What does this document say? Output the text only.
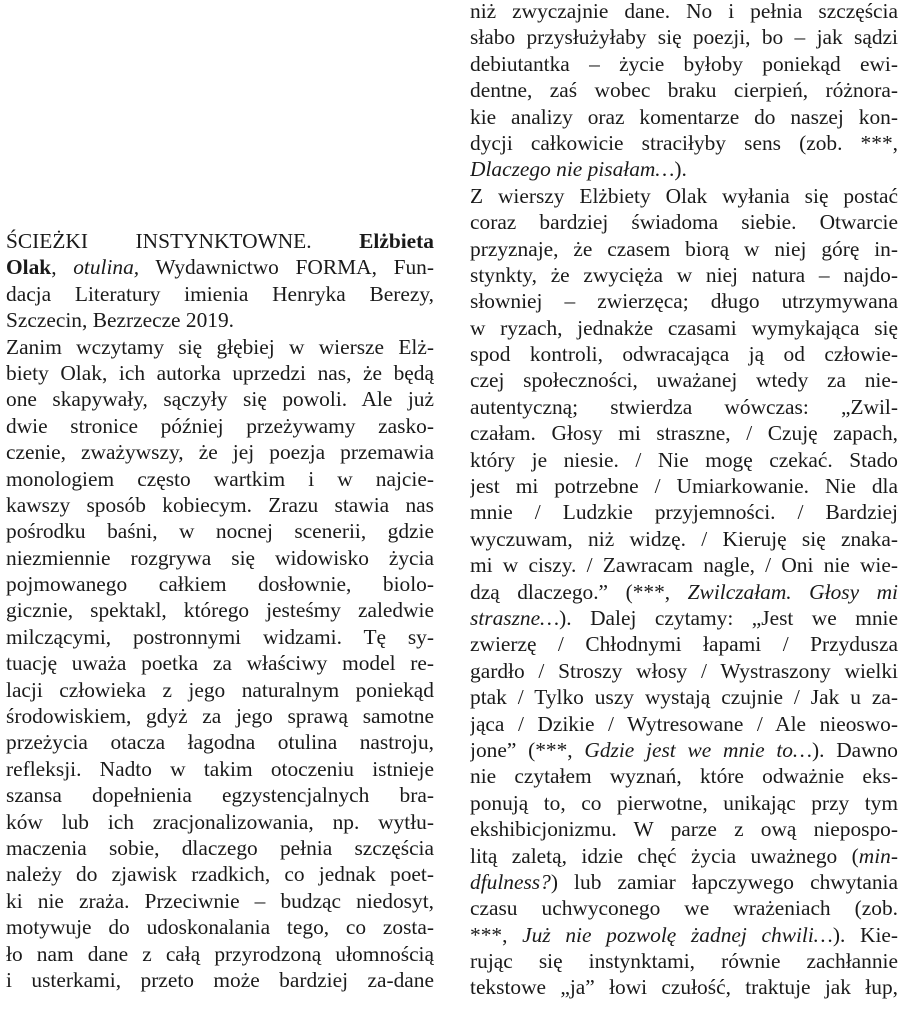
ŚCIEŻKI INSTYNKTOWNE. Elżbieta
Olak, otulina, Wydawnictwo FORMA, Fun-
dacja Literatury imienia Henryka Berezy,
Szczecin, Bezrzecze 2019.
Zanim wczytamy się głębiej w wiersze Elż-
biety Olak, ich autorka uprzedzi nas, że będą
one skapywały, sączyły się powoli. Ale już
dwie stronice później przeżywamy zasko-
czenie, zważywszy, że jej poezja przemawia
monologiem często wartkim i w najcie-
kawszy sposób kobiecym. Zrazu stawia nas
pośrodku baśni, w nocnej scenerii, gdzie
niezmiennie rozgrywa się widowisko życia
pojmowanego całkiem dosłownie, biolo-
gicznie, spektakl, którego jesteśmy zaledwie
milczącymi, postronnymi widzami. Tę sy-
tuację uważa poetka za właściwy model re-
lacji człowieka z jego naturalnym poniekąd
środowiskiem, gdyż za jego sprawą samotne
przeżycia otacza łagodna otulina nastroju,
refleksji. Nadto w takim otoczeniu istnieje
szansa dopełnienia egzystencjalnych bra-
ków lub ich zracjonalizowania, np. wytłu-
maczenia sobie, dlaczego pełnia szczęścia
należy do zjawisk rzadkich, co jednak poet-
ki nie zraża. Przeciwnie – budząc niedosyt,
motywuje do udoskonalania tego, co zosta-
ło nam dane z całą przyrodzoną ułomnością
i usterkami, przeto może bardziej za-dane
niż zwyczajnie dane. No i pełnia szczęścia
słabo przysłużyłaby się poezji, bo – jak sądzi
debiutantka – życie byłoby poniekąd ewi-
dentne, zaś wobec braku cierpień, różnora-
kie analizy oraz komentarze do naszej kon-
dycji całkowicie straciłyby sens (zob. ***,
Dlaczego nie pisałam…).
Z wierszy Elżbiety Olak wyłania się postać
coraz bardziej świadoma siebie. Otwarcie
przyznaje, że czasem biorą w niej górę in-
stynkty, że zwycięża w niej natura – najdo-
słowniej – zwierzęca; długo utrzymywana
w ryzach, jednakże czasami wymykająca się
spod kontroli, odwracająca ją od człowie-
czej społeczności, uważanej wtedy za nie-
autentyczną; stwierdza wówczas: „Zwil-
czałam. Głosy mi straszne, / Czuję zapach,
który je niesie. / Nie mogę czekać. Stado
jest mi potrzebne / Umiarkowanie. Nie dla
mnie / Ludzkie przyjemności. / Bardziej
wyczuwam, niż widzę. / Kieruję się znaka-
mi w ciszy. / Zawracam nagle, / Oni nie wie-
dzą dlaczego.” (***, Zwilczałam. Głosy mi
straszne…). Dalej czytamy: „Jest we mnie
zwierzę / Chłodnymi łapami / Przydusza
gardło / Stroszy włosy / Wystraszony wielki
ptak / Tylko uszy wystają czujnie / Jak u za-
jąca / Dzikie / Wytresowane / Ale nieoswo-
jone” (***, Gdzie jest we mnie to…). Dawno
nie czytałem wyznań, które odważnie eks-
ponują to, co pierwotne, unikając przy tym
ekshibicjonizmu. W parze z ową niepospo-
litą zaletą, idzie chęć życia uważnego (min-
dfulness?) lub zamiar łapczywego chwytania
czasu uchwyconego we wrażeniach (zob.
***, Już nie pozwolę żadnej chwili…). Kie-
rując się instynktami, równie zachłannie
tekstowe „ja” łowi czułość, traktuje jak łup,
